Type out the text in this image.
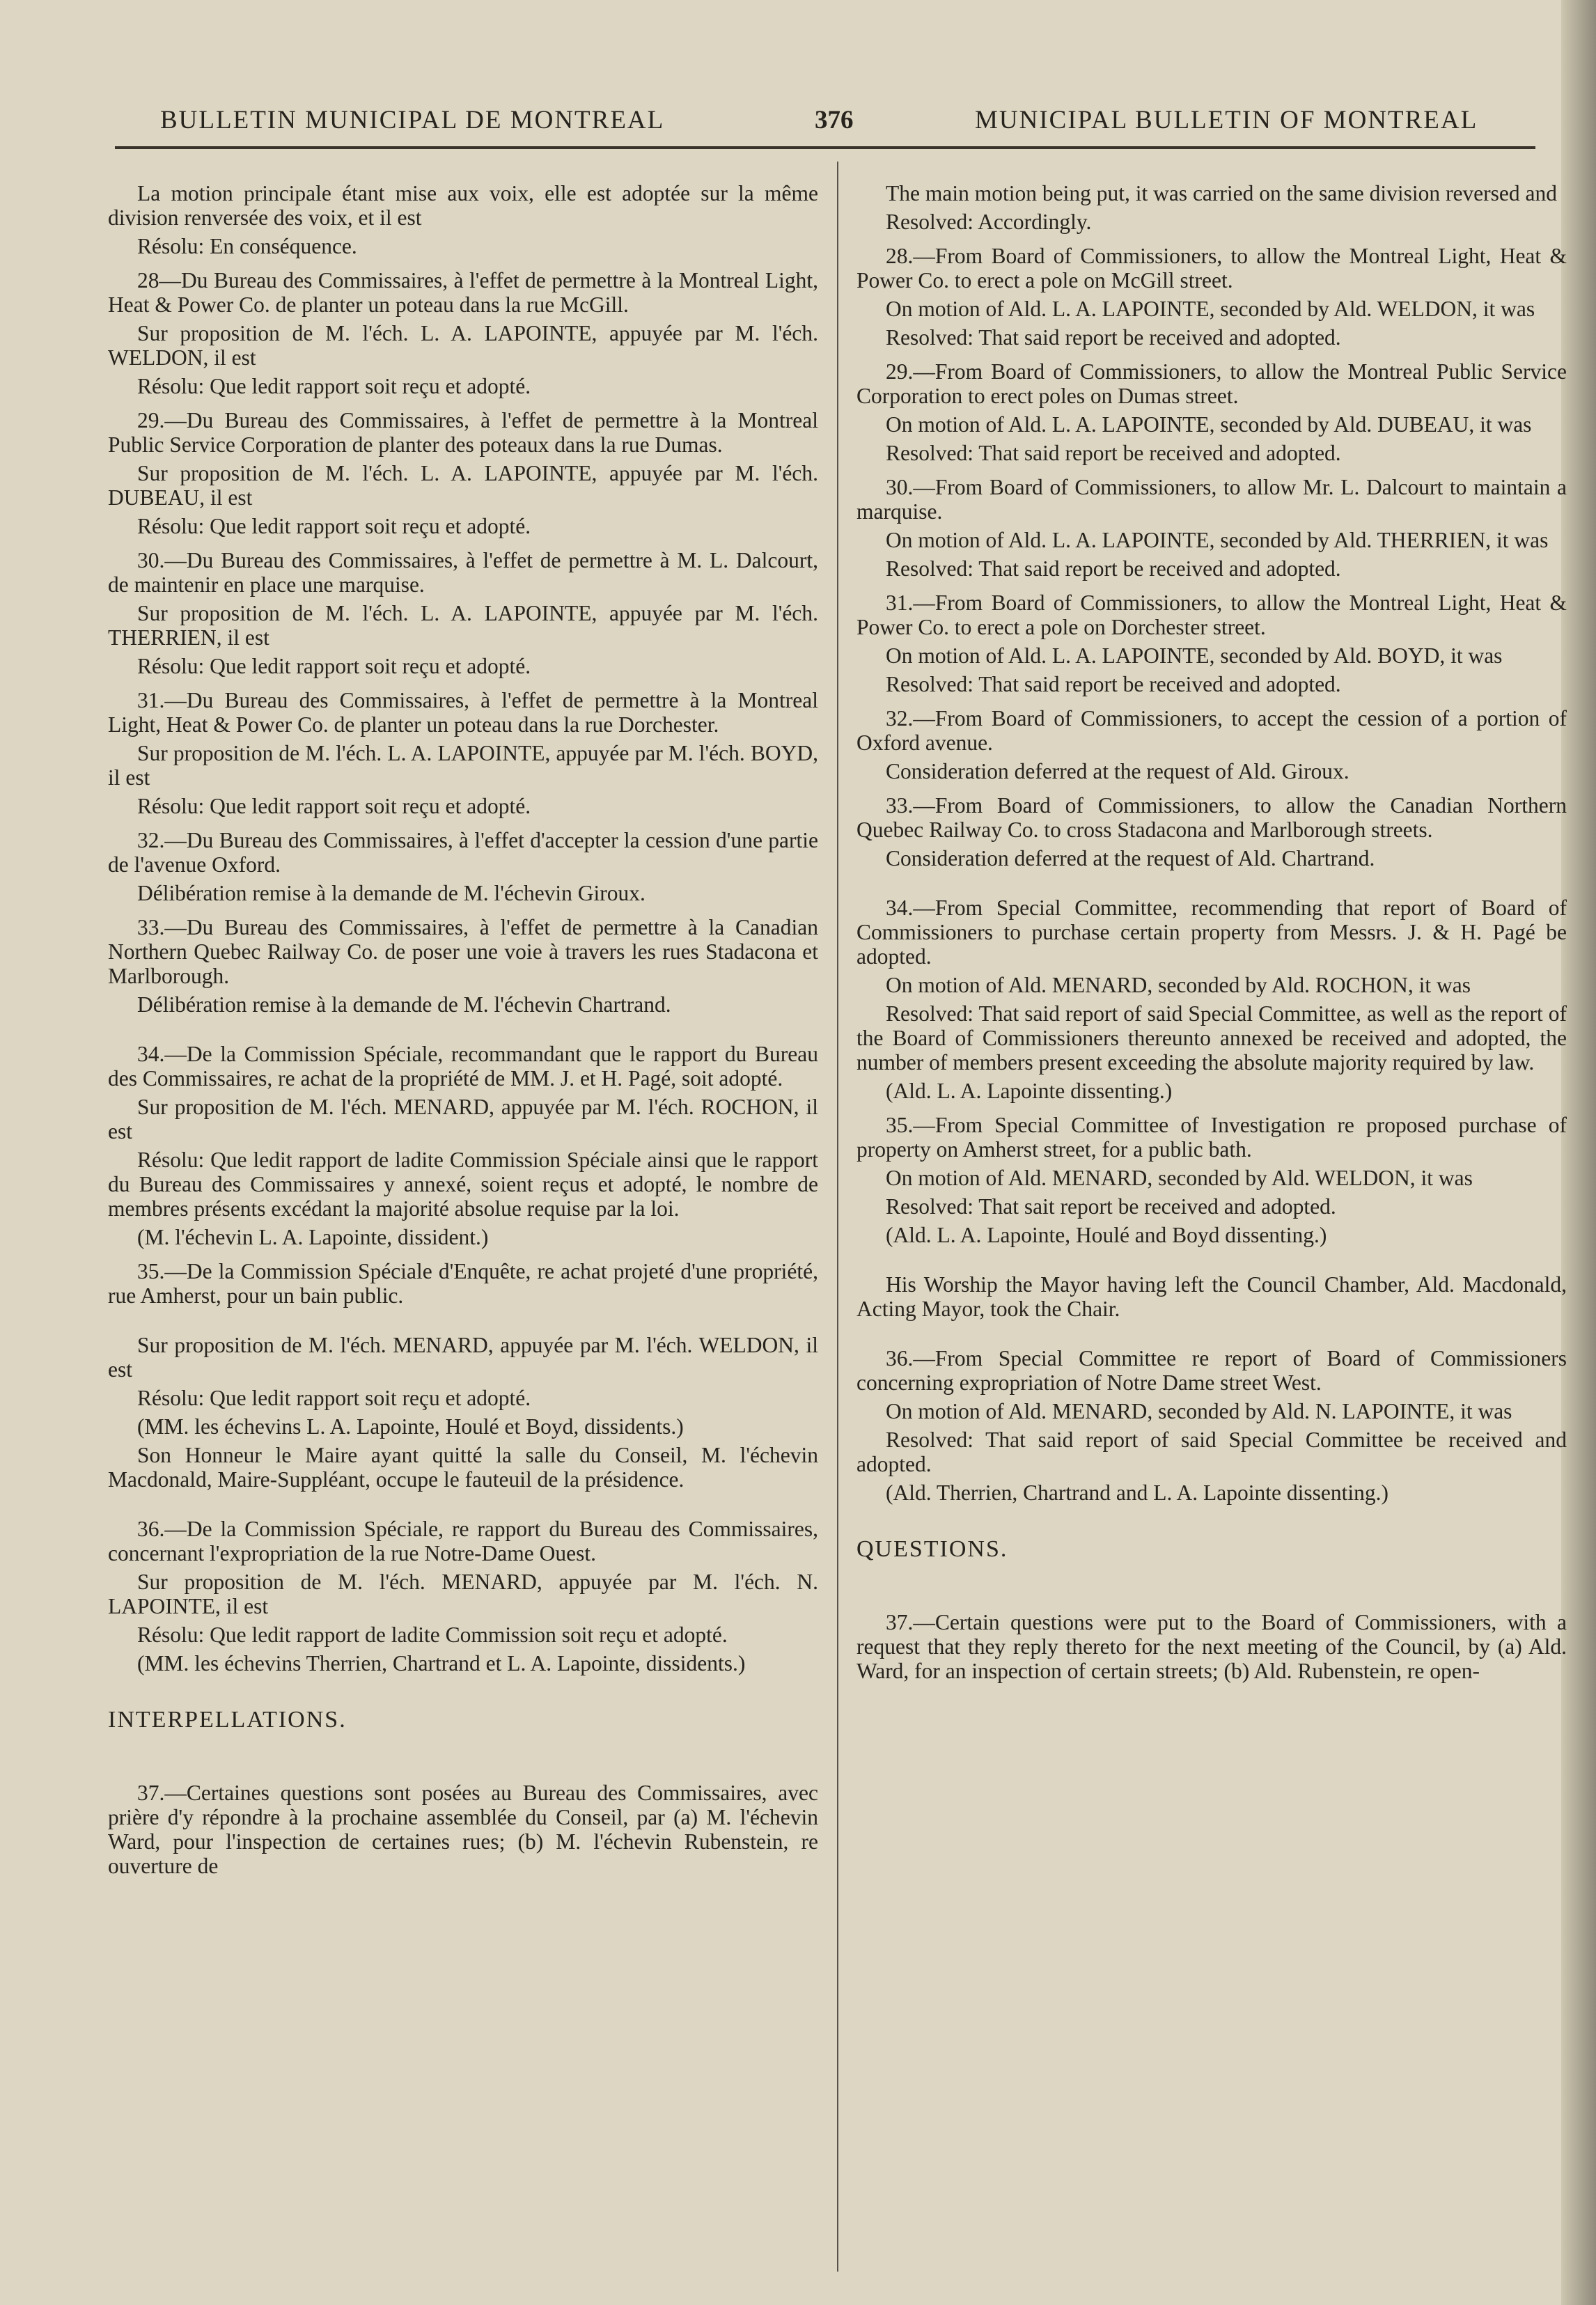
BULLETIN MUNICIPAL DE MONTREAL	376	MUNICIPAL BULLETIN OF MONTREAL

La motion principale étant mise aux voix, elle est adoptée sur la même division renversée des voix, et il est

Résolu: En conséquence.

28—Du Bureau des Commissaires, à l'effet de permettre à la Montreal Light, Heat & Power Co. de planter un poteau dans la rue McGill.

Sur proposition de M. l'éch. L. A. LAPOINTE, appuyée par M. l'éch. WELDON, il est

Résolu: Que ledit rapport soit reçu et adopté.

29.—Du Bureau des Commissaires, à l'effet de permettre à la Montreal Public Service Corporation de planter des poteaux dans la rue Dumas.

Sur proposition de M. l'éch. L. A. LAPOINTE, appuyée par M. l'éch. DUBEAU, il est

Résolu: Que ledit rapport soit reçu et adopté.

30.—Du Bureau des Commissaires, à l'effet de permettre à M. L. Dalcourt, de maintenir en place une marquise.

Sur proposition de M. l'éch. L. A. LAPOINTE, appuyée par M. l'éch. THERRIEN, il est

Résolu: Que ledit rapport soit reçu et adopté.

31.—Du Bureau des Commissaires, à l'effet de permettre à la Montreal Light, Heat & Power Co. de planter un poteau dans la rue Dorchester.

Sur proposition de M. l'éch. L. A. LAPOINTE, appuyée par M. l'éch. BOYD, il est

Résolu: Que ledit rapport soit reçu et adopté.

32.—Du Bureau des Commissaires, à l'effet d'accepter la cession d'une partie de l'avenue Oxford.

Délibération remise à la demande de M. l'échevin Giroux.

33.—Du Bureau des Commissaires, à l'effet de permettre à la Canadian Northern Quebec Railway Co. de poser une voie à travers les rues Stadacona et Marlborough.

Délibération remise à la demande de M. l'échevin Chartrand.

34.—De la Commission Spéciale, recommandant que le rapport du Bureau des Commissaires, re achat de la propriété de MM. J. et H. Pagé, soit adopté.

Sur proposition de M. l'éch. MENARD, appuyée par M. l'éch. ROCHON, il est

Résolu: Que ledit rapport de ladite Commission Spéciale ainsi que le rapport du Bureau des Commissaires y annexé, soient reçus et adopté, le nombre de membres présents excédant la majorité absolue requise par la loi.

(M. l'échevin L. A. Lapointe, dissident.)

35.—De la Commission Spéciale d'Enquête, re achat projeté d'une propriété, rue Amherst, pour un bain public.

Sur proposition de M. l'éch. MENARD, appuyée par M. l'éch. WELDON, il est

Résolu: Que ledit rapport soit reçu et adopté.

(MM. les échevins L. A. Lapointe, Houlé et Boyd, dissidents.)

Son Honneur le Maire ayant quitté la salle du Conseil, M. l'échevin Macdonald, Maire-Suppléant, occupe le fauteuil de la présidence.

36.—De la Commission Spéciale, re rapport du Bureau des Commissaires, concernant l'expropriation de la rue Notre-Dame Ouest.

Sur proposition de M. l'éch. MENARD, appuyée par M. l'éch. N. LAPOINTE, il est

Résolu: Que ledit rapport de ladite Commission soit reçu et adopté.

(MM. les échevins Therrien, Chartrand et L. A. Lapointe, dissidents.)

INTERPELLATIONS.

37.—Certaines questions sont posées au Bureau des Commissaires, avec prière d'y répondre à la prochaine assemblée du Conseil, par (a) M. l'échevin Ward, pour l'inspection de certaines rues; (b) M. l'échevin Rubenstein, re ouverture de

The main motion being put, it was carried on the same division reversed and

Resolved: Accordingly.

28.—From Board of Commissioners, to allow the Montreal Light, Heat & Power Co. to erect a pole on McGill street.

On motion of Ald. L. A. LAPOINTE, seconded by Ald. WELDON, it was

Resolved: That said report be received and adopted.

29.—From Board of Commissioners, to allow the Montreal Public Service Corporation to erect poles on Dumas street.

On motion of Ald. L. A. LAPOINTE, seconded by Ald. DUBEAU, it was

Resolved: That said report be received and adopted.

30.—From Board of Commissioners, to allow Mr. L. Dalcourt to maintain a marquise.

On motion of Ald. L. A. LAPOINTE, seconded by Ald. THERRIEN, it was

Resolved: That said report be received and adopted.

31.—From Board of Commissioners, to allow the Montreal Light, Heat & Power Co. to erect a pole on Dorchester street.

On motion of Ald. L. A. LAPOINTE, seconded by Ald. BOYD, it was

Resolved: That said report be received and adopted.

32.—From Board of Commissioners, to accept the cession of a portion of Oxford avenue.

Consideration deferred at the request of Ald. Giroux.

33.—From Board of Commissioners, to allow the Canadian Northern Quebec Railway Co. to cross Stadacona and Marlborough streets.

Consideration deferred at the request of Ald. Chartrand.

34.—From Special Committee, recommending that report of Board of Commissioners to purchase certain property from Messrs. J. & H. Pagé be adopted.

On motion of Ald. MENARD, seconded by Ald. ROCHON, it was

Resolved: That said report of said Special Committee, as well as the report of the Board of Commissioners thereunto annexed be received and adopted, the number of members present exceeding the absolute majority required by law.

(Ald. L. A. Lapointe dissenting.)

35.—From Special Committee of Investigation re proposed purchase of property on Amherst street, for a public bath.

On motion of Ald. MENARD, seconded by Ald. WELDON, it was

Resolved: That sait report be received and adopted.

(Ald. L. A. Lapointe, Houlé and Boyd dissenting.)

His Worship the Mayor having left the Council Chamber, Ald. Macdonald, Acting Mayor, took the Chair.

36.—From Special Committee re report of Board of Commissioners concerning expropriation of Notre Dame street West.

On motion of Ald. MENARD, seconded by Ald. N. LAPOINTE, it was

Resolved: That said report of said Special Committee be received and adopted.

(Ald. Therrien, Chartrand and L. A. Lapointe dissenting.)

QUESTIONS.

37.—Certain questions were put to the Board of Commissioners, with a request that they reply thereto for the next meeting of the Council, by (a) Ald. Ward, for an inspection of certain streets; (b) Ald. Rubenstein, re open-
